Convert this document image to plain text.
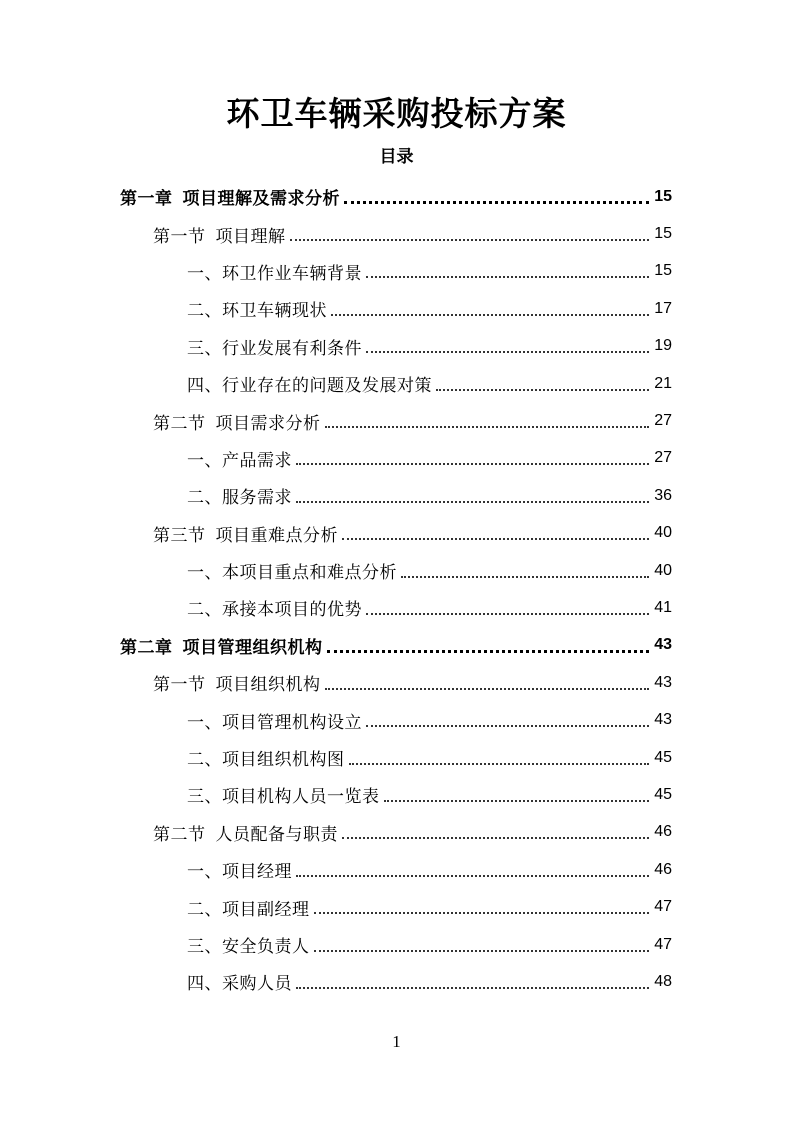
环卫车辆采购投标方案
目录
第一章 项目理解及需求分析	15
第一节 项目理解	15
一、环卫作业车辆背景	15
二、环卫车辆现状	17
三、行业发展有利条件	19
四、行业存在的问题及发展对策	21
第二节 项目需求分析	27
一、产品需求	27
二、服务需求	36
第三节 项目重难点分析	40
一、本项目重点和难点分析	40
二、承接本项目的优势	41
第二章 项目管理组织机构	43
第一节 项目组织机构	43
一、项目管理机构设立	43
二、项目组织机构图	45
三、项目机构人员一览表	45
第二节 人员配备与职责	46
一、项目经理	46
二、项目副经理	47
三、安全负责人	47
四、采购人员	48
1
